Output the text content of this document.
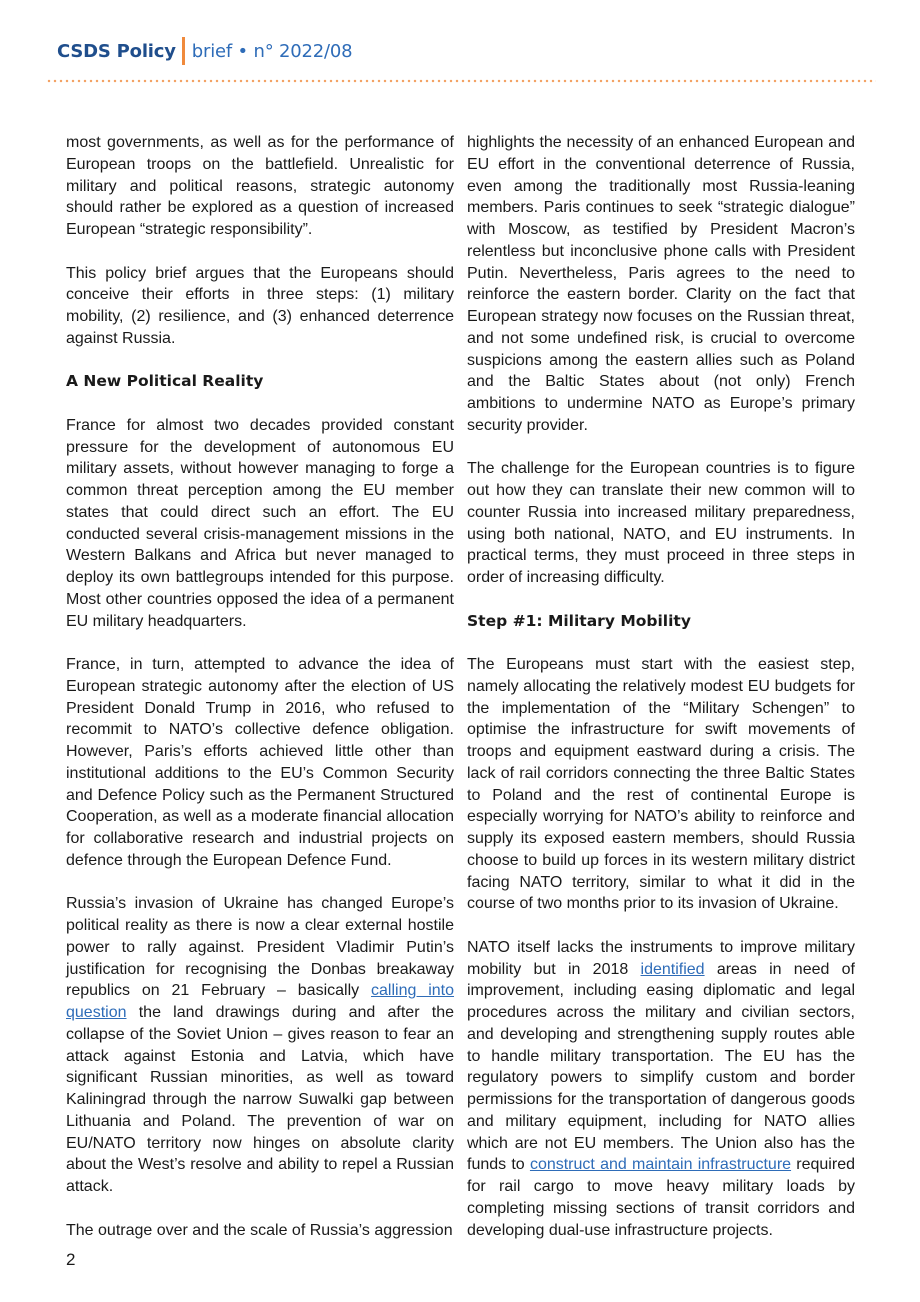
CSDS Policy brief • n° 2022/08

most governments, as well as for the performance of European troops on the battlefield. Unrealistic for military and political reasons, strategic autonomy should rather be explored as a question of increased European “strategic responsibility”.

This policy brief argues that the Europeans should conceive their efforts in three steps: (1) military mobility, (2) resilience, and (3) enhanced deterrence against Russia.

A New Political Reality

France for almost two decades provided constant pressure for the development of autonomous EU military assets, without however managing to forge a common threat perception among the EU member states that could direct such an effort. The EU conducted several crisis-management missions in the Western Balkans and Africa but never managed to deploy its own battlegroups intended for this purpose. Most other countries opposed the idea of a permanent EU military headquarters.

France, in turn, attempted to advance the idea of European strategic autonomy after the election of US President Donald Trump in 2016, who refused to recommit to NATO’s collective defence obligation. However, Paris’s efforts achieved little other than institutional additions to the EU’s Common Security and Defence Policy such as the Permanent Structured Cooperation, as well as a moderate financial allocation for collaborative research and industrial projects on defence through the European Defence Fund.

Russia’s invasion of Ukraine has changed Europe’s political reality as there is now a clear external hostile power to rally against. President Vladimir Putin’s justification for recognising the Donbas breakaway republics on 21 February – basically calling into question the land drawings during and after the collapse of the Soviet Union – gives reason to fear an attack against Estonia and Latvia, which have significant Russian minorities, as well as toward Kaliningrad through the narrow Suwalki gap between Lithuania and Poland. The prevention of war on EU/NATO territory now hinges on absolute clarity about the West’s resolve and ability to repel a Russian attack.

The outrage over and the scale of Russia’s aggression

highlights the necessity of an enhanced European and EU effort in the conventional deterrence of Russia, even among the traditionally most Russia-leaning members. Paris continues to seek “strategic dialogue” with Moscow, as testified by President Macron’s relentless but inconclusive phone calls with President Putin. Nevertheless, Paris agrees to the need to reinforce the eastern border. Clarity on the fact that European strategy now focuses on the Russian threat, and not some undefined risk, is crucial to overcome suspicions among the eastern allies such as Poland and the Baltic States about (not only) French ambitions to undermine NATO as Europe’s primary security provider.

The challenge for the European countries is to figure out how they can translate their new common will to counter Russia into increased military preparedness, using both national, NATO, and EU instruments. In practical terms, they must proceed in three steps in order of increasing difficulty.

Step #1: Military Mobility

The Europeans must start with the easiest step, namely allocating the relatively modest EU budgets for the implementation of the “Military Schengen” to optimise the infrastructure for swift movements of troops and equipment eastward during a crisis. The lack of rail corridors connecting the three Baltic States to Poland and the rest of continental Europe is especially worrying for NATO’s ability to reinforce and supply its exposed eastern members, should Russia choose to build up forces in its western military district facing NATO territory, similar to what it did in the course of two months prior to its invasion of Ukraine.

NATO itself lacks the instruments to improve military mobility but in 2018 identified areas in need of improvement, including easing diplomatic and legal procedures across the military and civilian sectors, and developing and strengthening supply routes able to handle military transportation. The EU has the regulatory powers to simplify custom and border permissions for the transportation of dangerous goods and military equipment, including for NATO allies which are not EU members. The Union also has the funds to construct and maintain infrastructure required for rail cargo to move heavy military loads by completing missing sections of transit corridors and developing dual-use infrastructure projects.

2
